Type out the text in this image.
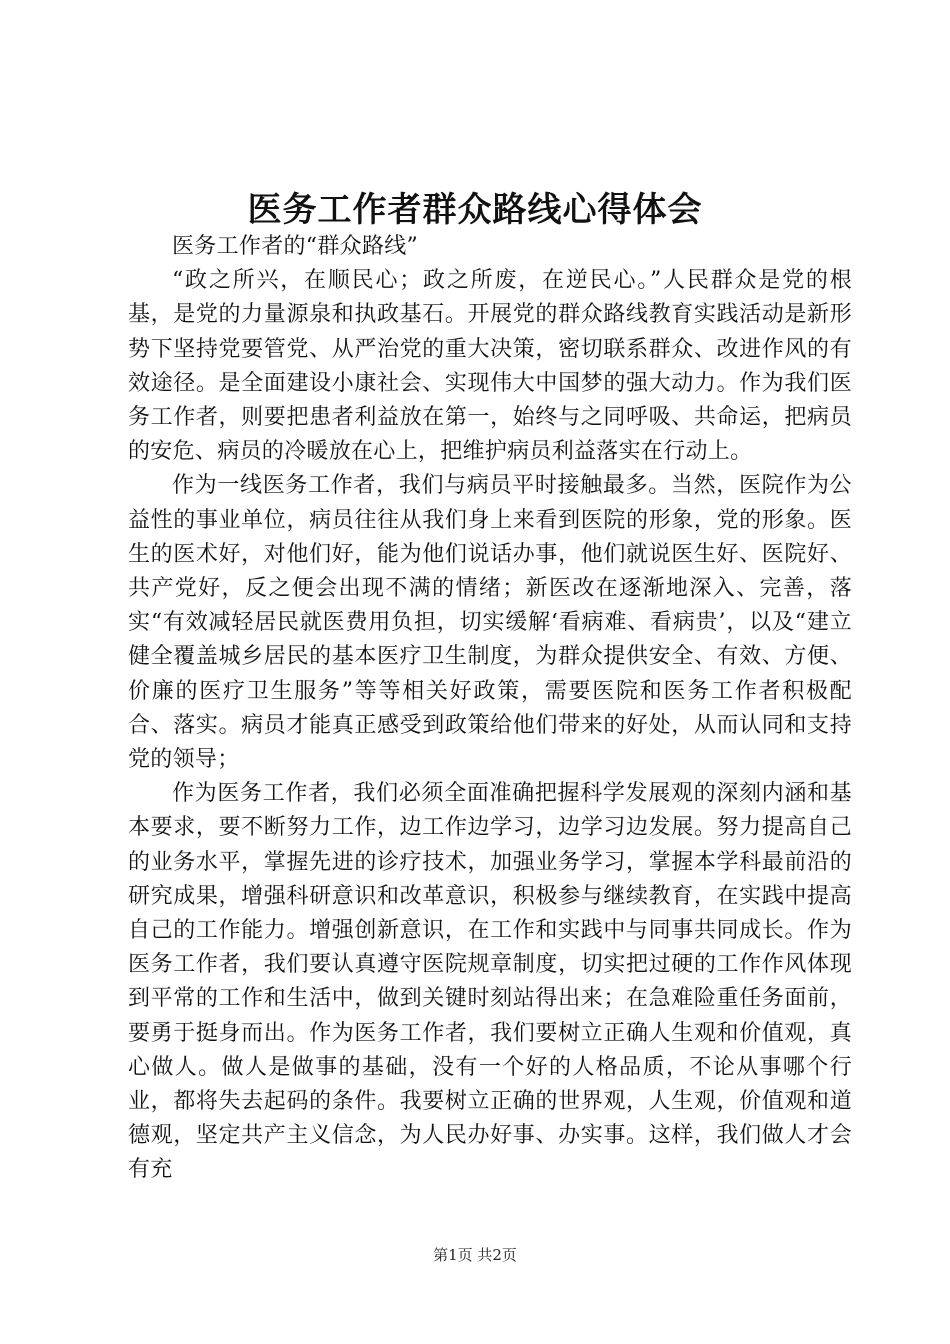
医务工作者群众路线心得体会

医务工作者的“群众路线”

“政之所兴，在顺民心；政之所废，在逆民心。”人民群众是党的根基，是党的力量源泉和执政基石。开展党的群众路线教育实践活动是新形势下坚持党要管党、从严治党的重大决策，密切联系群众、改进作风的有效途径。是全面建设小康社会、实现伟大中国梦的强大动力。作为我们医务工作者，则要把患者利益放在第一，始终与之同呼吸、共命运，把病员的安危、病员的冷暖放在心上，把维护病员利益落实在行动上。

作为一线医务工作者，我们与病员平时接触最多。当然，医院作为公益性的事业单位，病员往往从我们身上来看到医院的形象，党的形象。医生的医术好，对他们好，能为他们说话办事，他们就说医生好、医院好、共产党好，反之便会出现不满的情绪；新医改在逐渐地深入、完善，落实“有效减轻居民就医费用负担，切实缓解‘看病难、看病贵’，以及“建立健全覆盖城乡居民的基本医疗卫生制度，为群众提供安全、有效、方便、价廉的医疗卫生服务”等等相关好政策，需要医院和医务工作者积极配合、落实。病员才能真正感受到政策给他们带来的好处，从而认同和支持党的领导；

作为医务工作者，我们必须全面准确把握科学发展观的深刻内涵和基本要求，要不断努力工作，边工作边学习，边学习边发展。努力提高自己的业务水平，掌握先进的诊疗技术，加强业务学习，掌握本学科最前沿的研究成果，增强科研意识和改革意识，积极参与继续教育，在实践中提高自己的工作能力。增强创新意识，在工作和实践中与同事共同成长。作为医务工作者，我们要认真遵守医院规章制度，切实把过硬的工作作风体现到平常的工作和生活中，做到关键时刻站得出来；在急难险重任务面前，要勇于挺身而出。作为医务工作者，我们要树立正确人生观和价值观，真心做人。做人是做事的基础，没有一个好的人格品质，不论从事哪个行业，都将失去起码的条件。我要树立正确的世界观，人生观，价值观和道德观，坚定共产主义信念，为人民办好事、办实事。这样，我们做人才会有充

第1页 共2页
